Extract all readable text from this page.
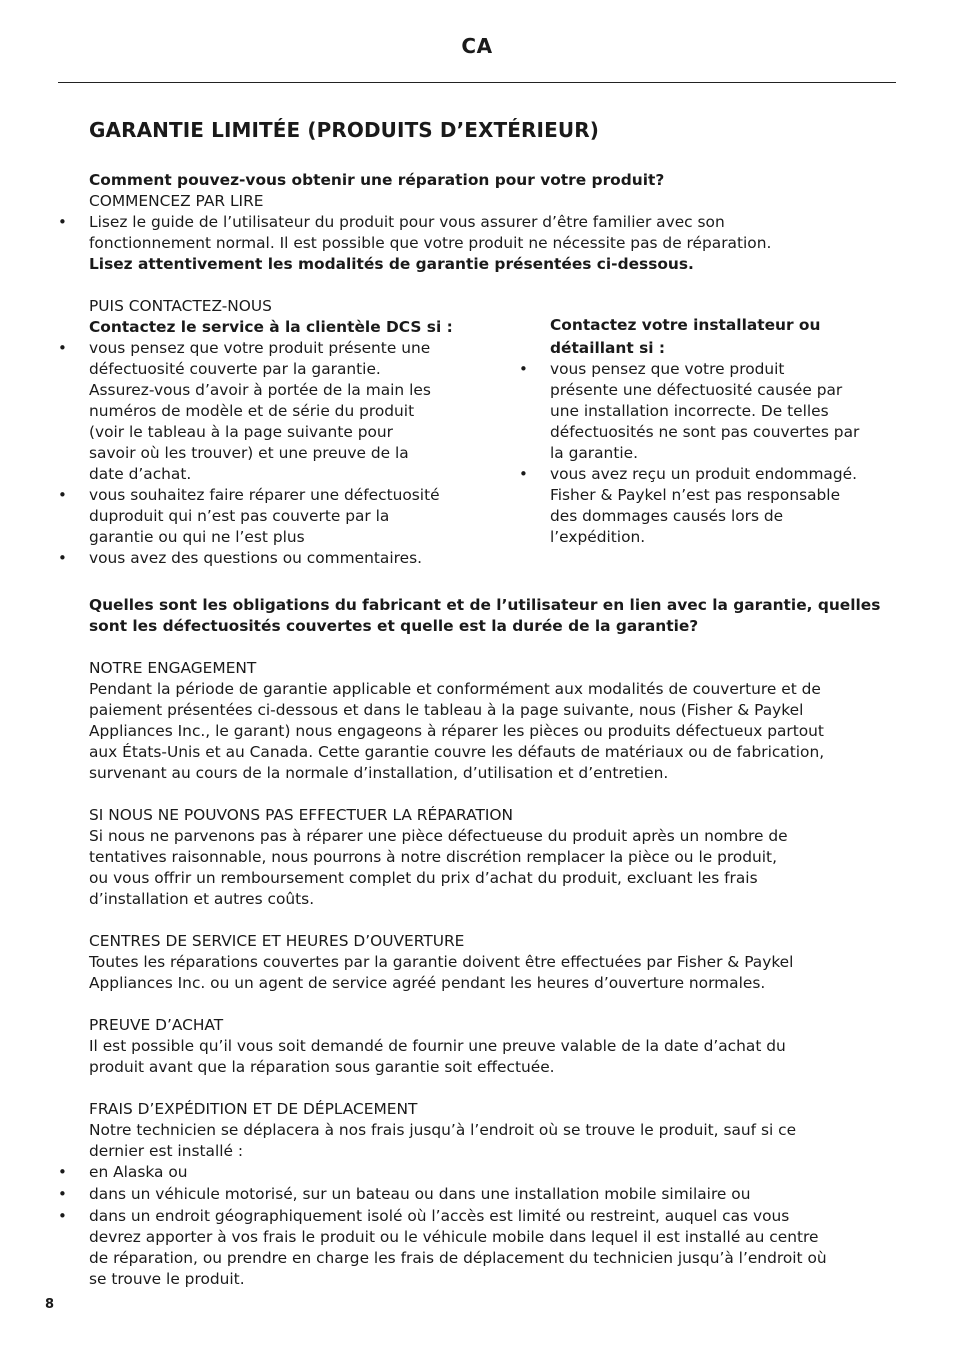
CA
GARANTIE LIMITÉE (PRODUITS D’EXTÉRIEUR)
Comment pouvez-vous obtenir une réparation pour votre produit?
COMMENCEZ PAR LIRE
• Lisez le guide de l’utilisateur du produit pour vous assurer d’être familier avec son
fonctionnement normal. Il est possible que votre produit ne nécessite pas de réparation.
Lisez attentivement les modalités de garantie présentées ci-dessous.
PUIS CONTACTEZ-NOUS
Contactez le service à la clientèle DCS si :
• vous pensez que votre produit présente une
défectuosité couverte par la garantie.
Assurez-vous d’avoir à portée de la main les
numéros de modèle et de série du produit
(voir le tableau à la page suivante pour
savoir où les trouver) et une preuve de la
date d’achat.
• vous souhaitez faire réparer une défectuosité
duproduit qui n’est pas couverte par la
garantie ou qui ne l’est plus
• vous avez des questions ou commentaires.
Contactez votre installateur ou
détaillant si :
• vous pensez que votre produit
présente une défectuosité causée par
une installation incorrecte. De telles
défectuosités ne sont pas couvertes par
la garantie.
• vous avez reçu un produit endommagé.
Fisher & Paykel n’est pas responsable
des dommages causés lors de
l’expédition.
Quelles sont les obligations du fabricant et de l’utilisateur en lien avec la garantie, quelles
sont les défectuosités couvertes et quelle est la durée de la garantie?
NOTRE ENGAGEMENT
Pendant la période de garantie applicable et conformément aux modalités de couverture et de
paiement présentées ci-dessous et dans le tableau à la page suivante, nous (Fisher & Paykel
Appliances Inc., le garant) nous engageons à réparer les pièces ou produits défectueux partout
aux États-Unis et au Canada. Cette garantie couvre les défauts de matériaux ou de fabrication,
survenant au cours de la normale d’installation, d’utilisation et d’entretien.
SI NOUS NE POUVONS PAS EFFECTUER LA RÉPARATION
Si nous ne parvenons pas à réparer une pièce défectueuse du produit après un nombre de
tentatives raisonnable, nous pourrons à notre discrétion remplacer la pièce ou le produit,
ou vous offrir un remboursement complet du prix d’achat du produit, excluant les frais
d’installation et autres coûts.
CENTRES DE SERVICE ET HEURES D’OUVERTURE
Toutes les réparations couvertes par la garantie doivent être effectuées par Fisher & Paykel
Appliances Inc. ou un agent de service agréé pendant les heures d’ouverture normales.
PREUVE D’ACHAT
Il est possible qu’il vous soit demandé de fournir une preuve valable de la date d’achat du
produit avant que la réparation sous garantie soit effectuée.
FRAIS D’EXPÉDITION ET DE DÉPLACEMENT
Notre technicien se déplacera à nos frais jusqu’à l’endroit où se trouve le produit, sauf si ce
dernier est installé :
• en Alaska ou
• dans un véhicule motorisé, sur un bateau ou dans une installation mobile similaire ou
• dans un endroit géographiquement isolé où l’accès est limité ou restreint, auquel cas vous
devrez apporter à vos frais le produit ou le véhicule mobile dans lequel il est installé au centre
de réparation, ou prendre en charge les frais de déplacement du technicien jusqu’à l’endroit où
se trouve le produit.
8
